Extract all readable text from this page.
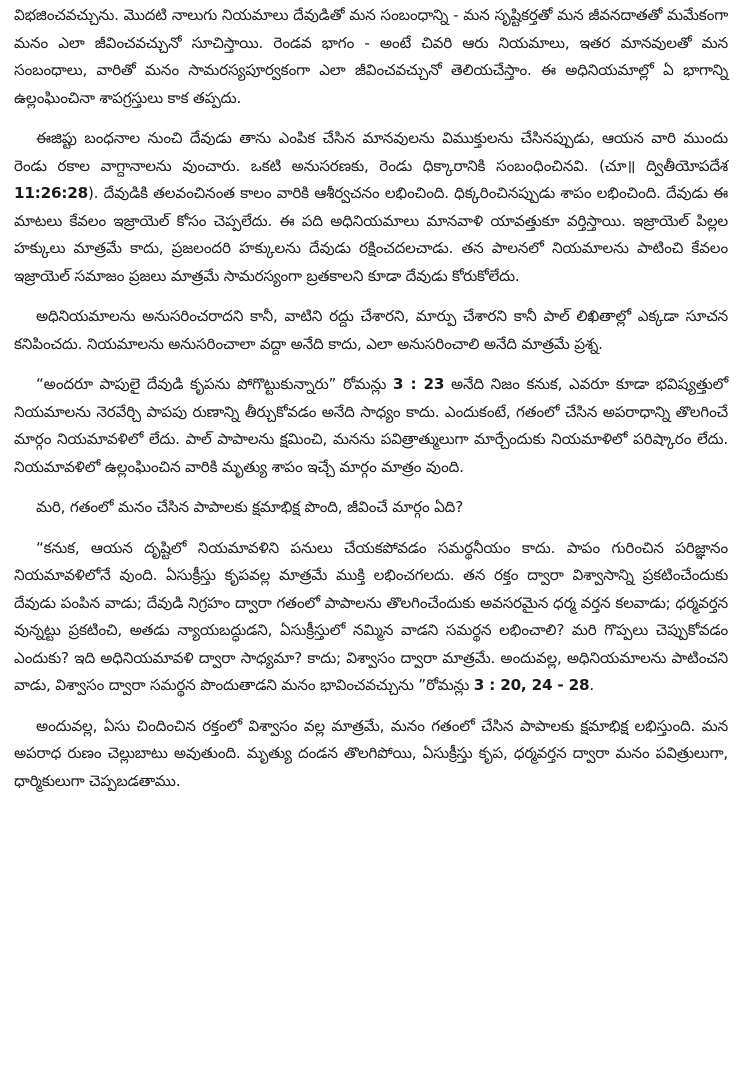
విభజించవచ్చును. మొదటి నాలుగు నియమాలు దేవుడితో మన సంబంధాన్ని - మన సృష్టికర్తతో మన జీవనదాతతో మమేకంగా మనం ఎలా జీవించవచ్చునో సూచిస్తాయి. రెండవ భాగం - అంటే చివరి ఆరు నియమాలు, ఇతర మానవులతో మన సంబంధాలు, వారితో మనం సామరస్యపూర్వకంగా ఎలా జీవించవచ్చునో తెలియచేస్తాం. ఈ అధినియమాల్లో ఏ భాగాన్ని ఉల్లంఘించినా శాపగ్రస్తులు కాక తప్పదు.

ఈజిప్టు బంధనాల నుంచి దేవుడు తాను ఎంపిక చేసిన మానవులను విముక్తులను చేసినప్పుడు, ఆయన వారి ముందు రెండు రకాల వాగ్దానాలను వుంచారు. ఒకటి అనుసరణకు, రెండు ధిక్కారానికి సంబంధించినవి. (చూ॥ ద్వితీయోపదేశ 11:26:28). దేవుడికి తలవంచినంత కాలం వారికి ఆశీర్వచనం లభించింది. ధిక్కరించినప్పుడు శాపం లభించింది. దేవుడు ఈ మాటలు కేవలం ఇజ్రాయెల్ కోసం చెప్పలేదు. ఈ పది అధినియమాలు మానవాళి యావత్తుకూ వర్తిస్తాయి. ఇజ్రాయెల్ పిల్లల హక్కులు మాత్రమే కాదు, ప్రజలందరి హక్కులను దేవుడు రక్షించదలచాడు. తన పాలనలో నియమాలను పాటించి కేవలం ఇజ్రాయెల్ సమాజం ప్రజలు మాత్రమే సామరస్యంగా బ్రతకాలని కూడా దేవుడు కోరుకోలేదు.

అధినియమాలను అనుసరించరాదని కానీ, వాటిని రద్దు చేశారని, మార్పు చేశారని కానీ పాల్ లిఖితాల్లో ఎక్కడా సూచన కనిపించదు. నియమాలను అనుసరించాలా వద్దా అనేది కాదు, ఎలా అనుసరించాలి అనేది మాత్రమే ప్రశ్న.

“అందరూ పాపులై దేవుడి కృపను పోగొట్టుకున్నారు” రోమన్లు 3 : 23 అనేది నిజం కనుక, ఎవరూ కూడా భవిష్యత్తులో నియమాలను నెరవేర్చి పాపపు రుణాన్ని తీర్చుకోవడం అనేది సాధ్యం కాదు. ఎందుకంటే, గతంలో చేసిన అపరాధాన్ని తొలగించే మార్గం నియమావళిలో లేదు. పాల్ పాపాలను క్షమించి, మనను పవిత్రాత్ములుగా మార్చేందుకు నియమాళిలో పరిష్కారం లేదు. నియమావళిలో ఉల్లంఘించిన వారికి మృత్యు శాపం ఇచ్చే మార్గం మాత్రం వుంది.

మరి, గతంలో మనం చేసిన పాపాలకు క్షమాభిక్ష పొంది, జీవించే మార్గం ఏది?

“కనుక, ఆయన దృష్టిలో నియమావళిని పనులు చేయకపోవడం సమర్థనీయం కాదు. పాపం గురించిన పరిజ్ఞానం నియమావళిలోనే వుంది. ఏసుక్రీస్తు కృపవల్ల మాత్రమే ముక్తి లభించగలదు. తన రక్తం ద్వారా విశ్వాసాన్ని ప్రకటించేందుకు దేవుడు పంపిన వాడు; దేవుడి నిగ్రహం ద్వారా గతంలో పాపాలను తొలగించేందుకు అవసరమైన ధర్మ వర్తన కలవాడు; ధర్మవర్తన వున్నట్టు ప్రకటించి, అతడు న్యాయబద్ధుడని, ఏసుక్రీస్తులో నమ్మిన వాడని సమర్థన లభించాలి? మరి గొప్పలు చెప్పుకోవడం ఎందుకు? ఇది అధినియమావళి ద్వారా సాధ్యమా? కాదు; విశ్వాసం ద్వారా మాత్రమే. అందువల్ల, అధినియమాలను పాటించని వాడు, విశ్వాసం ద్వారా సమర్థన పొందుతాడని మనం భావించవచ్చును ”రోమన్లు 3 : 20, 24 - 28.

అందువల్ల, ఏసు చిందించిన రక్తంలో విశ్వాసం వల్ల మాత్రమే, మనం గతంలో చేసిన పాపాలకు క్షమాభిక్ష లభిస్తుంది. మన అపరాధ రుణం చెల్లుబాటు అవుతుంది. మృత్యు దండన తొలగిపోయి, ఏసుక్రీస్తు కృప, ధర్మవర్తన ద్వారా మనం పవిత్రులుగా, ధార్మికులుగా చెప్పబడతాము.
